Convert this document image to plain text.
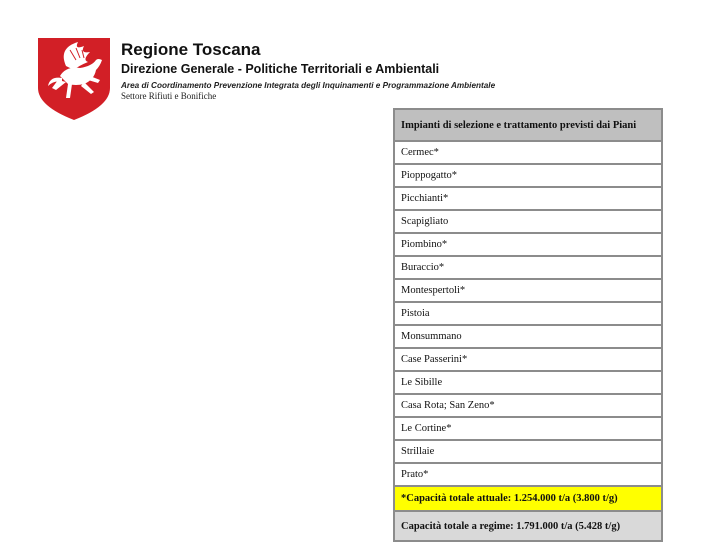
Regione Toscana
Direzione Generale - Politiche Territoriali e Ambientali
Area di Coordinamento Prevenzione Integrata degli Inquinamenti e Programmazione Ambientale
Settore Rifiuti e Bonifiche
Impianti di selezione e trattamento previsti dai Piani
Cermec*
Pioppogatto*
Picchianti*
Scapigliato
Piombino*
Buraccio*
Montespertoli*
Pistoia
Monsummano
Case Passerini*
Le Sibille
Casa Rota; San Zeno*
Le Cortine*
Strillaie
Prato*
*Capacità totale attuale: 1.254.000 t/a (3.800 t/g)
Capacità totale a regime: 1.791.000 t/a (5.428 t/g)
